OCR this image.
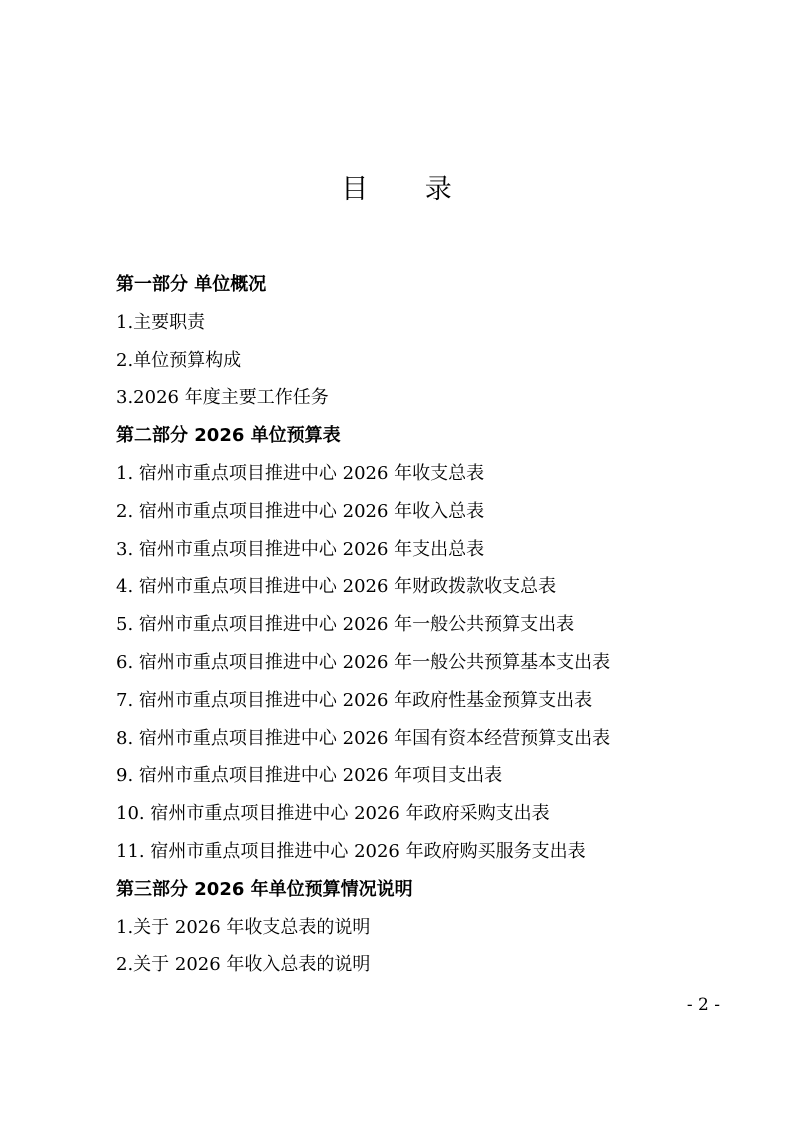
目 录
第一部分 单位概况
1.主要职责
2.单位预算构成
3.2026 年度主要工作任务
第二部分 2026 单位预算表
1. 宿州市重点项目推进中心 2026 年收支总表
2. 宿州市重点项目推进中心 2026 年收入总表
3. 宿州市重点项目推进中心 2026 年支出总表
4. 宿州市重点项目推进中心 2026 年财政拨款收支总表
5. 宿州市重点项目推进中心 2026 年一般公共预算支出表
6. 宿州市重点项目推进中心 2026 年一般公共预算基本支出表
7. 宿州市重点项目推进中心 2026 年政府性基金预算支出表
8. 宿州市重点项目推进中心 2026 年国有资本经营预算支出表
9. 宿州市重点项目推进中心 2026 年项目支出表
10. 宿州市重点项目推进中心 2026 年政府采购支出表
11. 宿州市重点项目推进中心 2026 年政府购买服务支出表
第三部分 2026 年单位预算情况说明
1.关于 2026 年收支总表的说明
2.关于 2026 年收入总表的说明
- 2 -
